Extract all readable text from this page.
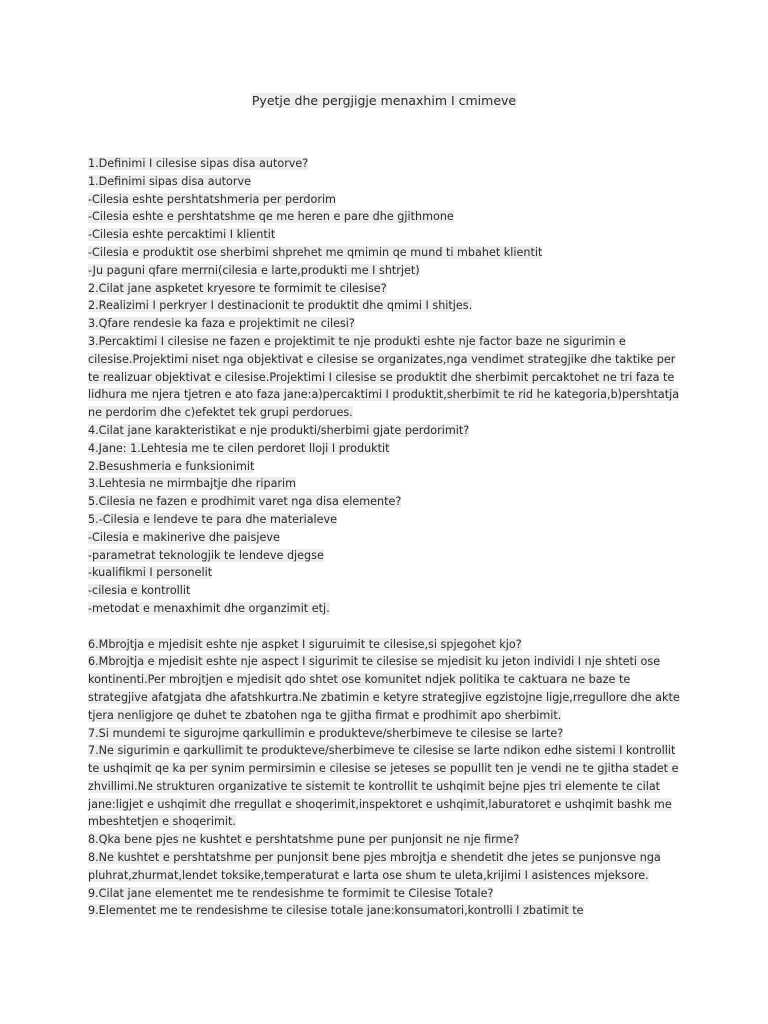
Pyetje dhe pergjigje menaxhim I cmimeve

1.Definimi I cilesise sipas disa autorve?

1.Definimi sipas disa autorve

-Cilesia eshte pershtatshmeria per perdorim

-Cilesia eshte e pershtatshme qe me heren e pare dhe gjithmone

-Cilesia eshte percaktimi I klientit

-Cilesia e produktit ose sherbimi shprehet me qmimin qe mund ti mbahet klientit

-Ju paguni qfare merrni(cilesia e larte,produkti me I shtrjet)

2.Cilat jane aspketet kryesore te formimit te cilesise?

2.Realizimi I perkryer I destinacionit te produktit dhe qmimi I shitjes.

3.Qfare rendesie ka faza e projektimit ne cilesi?

3.Percaktimi I cilesise ne fazen e projektimit te nje produkti eshte nje factor baze ne sigurimin e cilesise.Projektimi niset nga objektivat e cilesise se organizates,nga vendimet strategjike dhe taktike per te realizuar objektivat e cilesise.Projektimi I cilesise se produktit dhe sherbimit percaktohet ne tri faza te lidhura me njera tjetren e ato faza jane:a)percaktimi I produktit,sherbimit te rid he kategoria,b)pershtatja ne perdorim dhe c)efektet tek grupi perdorues.

4.Cilat jane karakteristikat e nje produkti/sherbimi gjate perdorimit?

4.Jane: 1.Lehtesia me te cilen perdoret lloji I produktit

2.Besushmeria e funksionimit

3.Lehtesia ne mirmbajtje dhe riparim

5.Cilesia ne fazen e prodhimit varet nga disa elemente?

5.-Cilesia e lendeve te para dhe materialeve

-Cilesia e makinerive dhe paisjeve

-parametrat teknologjik te lendeve djegse

-kualifikmi I personelit

-cilesia e kontrollit

-metodat e menaxhimit dhe organzimit etj.

6.Mbrojtja e mjedisit eshte nje aspket I siguruimit te cilesise,si spjegohet kjo?

6.Mbrojtja e mjedisit eshte nje aspect I sigurimit te cilesise se mjedisit ku jeton individi I nje shteti ose kontinenti.Per mbrojtjen e mjedisit qdo shtet ose komunitet ndjek politika te caktuara ne baze te strategjive afatgjata dhe afatshkurtra.Ne zbatimin e ketyre strategjive egzistojne ligje,rregullore dhe akte tjera nenligjore qe duhet te zbatohen nga te gjitha firmat e prodhimit apo sherbimit.

7.Si mundemi te sigurojme qarkullimin e produkteve/sherbimeve te cilesise se larte?

7.Ne sigurimin e qarkullimit te produkteve/sherbimeve te cilesise se larte ndikon edhe sistemi I kontrollit te ushqimit qe ka per synim permirsimin e cilesise se jeteses se popullit ten je vendi ne te gjitha stadet e zhvillimi.Ne strukturen organizative te sistemit te kontrollit te ushqimit bejne pjes tri elemente te cilat jane:ligjet e ushqimit dhe rregullat e shoqerimit,inspektoret e ushqimit,laburatoret e ushqimit bashk me mbeshtetjen e shoqerimit.

8.Qka bene pjes ne kushtet e pershtatshme pune per punjonsit ne nje firme?

8.Ne kushtet e pershtatshme per punjonsit bene pjes mbrojtja e shendetit dhe jetes se punjonsve nga pluhrat,zhurmat,lendet toksike,temperaturat e larta ose shum te uleta,krijimi I asistences mjeksore.

9.Cilat jane elementet me te rendesishme te formimit te Cilesise Totale?

9.Elementet me te rendesishme te cilesise totale jane:konsumatori,kontrolli I zbatimit te
